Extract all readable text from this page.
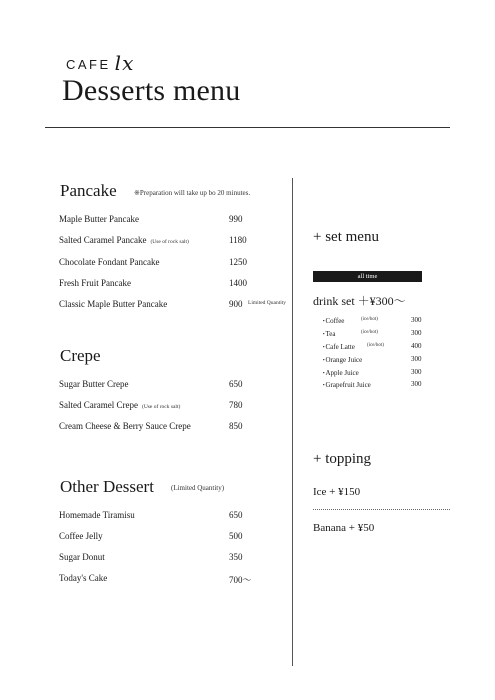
CAFE lx
Desserts menu
Pancake ※Preparation will take up bo 20 minutes.
Maple Butter Pancake	990
Salted Caramel Pancake (Use of rock salt)	1180
Chocolate Fondant Pancake	1250
Fresh Fruit Pancake	1400
Classic Maple Butter Pancake	900 Limited Quantity
Crepe
Sugar Butter Crepe	650
Salted Caramel Crepe (Use of rock salt)	780
Cream Cheese & Berry Sauce Crepe	850
Other Dessert (Limited Quantity)
Homemade Tiramisu	650
Coffee Jelly	500
Sugar Donut	350
Today's Cake	700～
+ set menu
all time
drink set ＋¥300～
･Coffee	(ice/hot)	300
･Tea	(ice/hot)	300
･Cafe Latte (ice/hot)	400
･Orange Juice	300
･Apple Juice	300
･Grapefruit Juice	300
+ topping
Ice + ¥150
Banana + ¥50
